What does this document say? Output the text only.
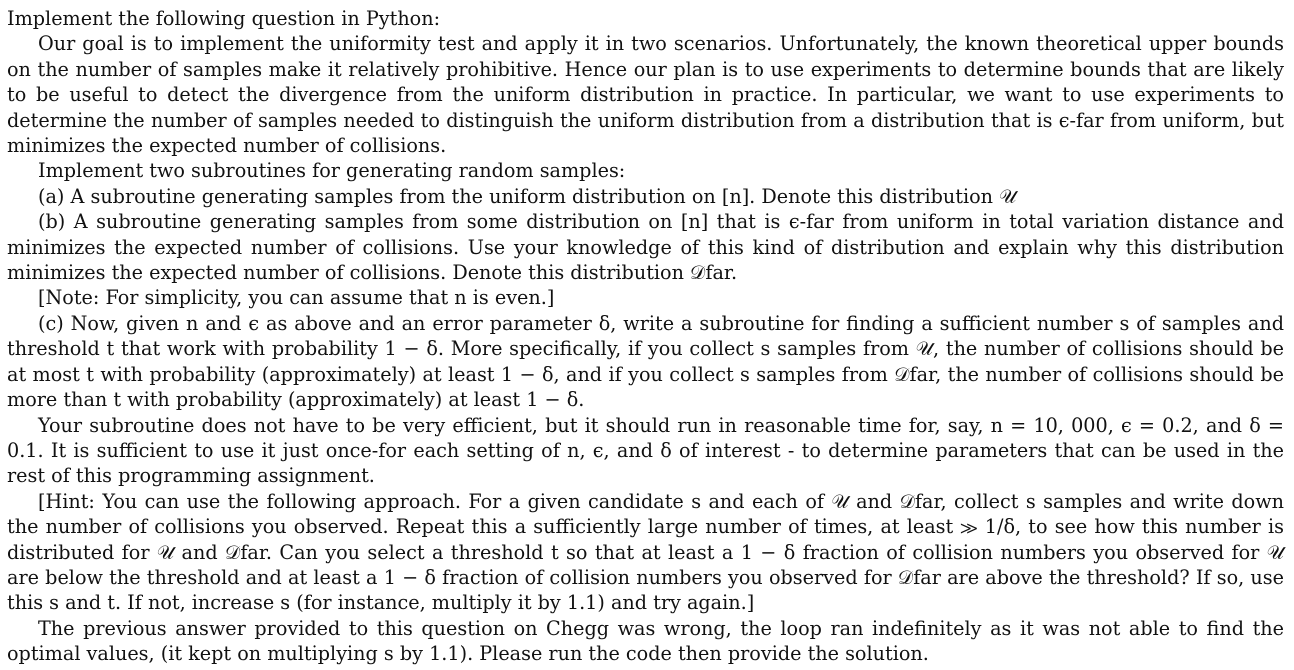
Implement the following question in Python:

Our goal is to implement the uniformity test and apply it in two scenarios. Unfortunately, the known theoretical upper bounds on the number of samples make it relatively prohibitive. Hence our plan is to use experiments to determine bounds that are likely to be useful to detect the divergence from the uniform distribution in practice. In particular, we want to use experiments to determine the number of samples needed to distinguish the uniform distribution from a distribution that is ϵ-far from uniform, but minimizes the expected number of collisions.

Implement two subroutines for generating random samples:

(a) A subroutine generating samples from the uniform distribution on [n]. Denote this distribution 𝒰

(b) A subroutine generating samples from some distribution on [n] that is ϵ-far from uniform in total variation distance and minimizes the expected number of collisions. Use your knowledge of this kind of distribution and explain why this distribution minimizes the expected number of collisions. Denote this distribution 𝒟far.

[Note: For simplicity, you can assume that n is even.]

(c) Now, given n and ϵ as above and an error parameter δ, write a subroutine for finding a sufficient number s of samples and threshold t that work with probability 1 − δ. More specifically, if you collect s samples from 𝒰, the number of collisions should be at most t with probability (approximately) at least 1 − δ, and if you collect s samples from 𝒟far, the number of collisions should be more than t with probability (approximately) at least 1 − δ.

Your subroutine does not have to be very efficient, but it should run in reasonable time for, say, n = 10, 000, ϵ = 0.2, and δ = 0.1. It is sufficient to use it just once-for each setting of n, ϵ, and δ of interest - to determine parameters that can be used in the rest of this programming assignment.

[Hint: You can use the following approach. For a given candidate s and each of 𝒰 and 𝒟far, collect s samples and write down the number of collisions you observed. Repeat this a sufficiently large number of times, at least ≫ 1/δ, to see how this number is distributed for 𝒰 and 𝒟far. Can you select a threshold t so that at least a 1 − δ fraction of collision numbers you observed for 𝒰 are below the threshold and at least a 1 − δ fraction of collision numbers you observed for 𝒟far are above the threshold? If so, use this s and t. If not, increase s (for instance, multiply it by 1.1) and try again.]

The previous answer provided to this question on Chegg was wrong, the loop ran indefinitely as it was not able to find the optimal values, (it kept on multiplying s by 1.1). Please run the code then provide the solution.
